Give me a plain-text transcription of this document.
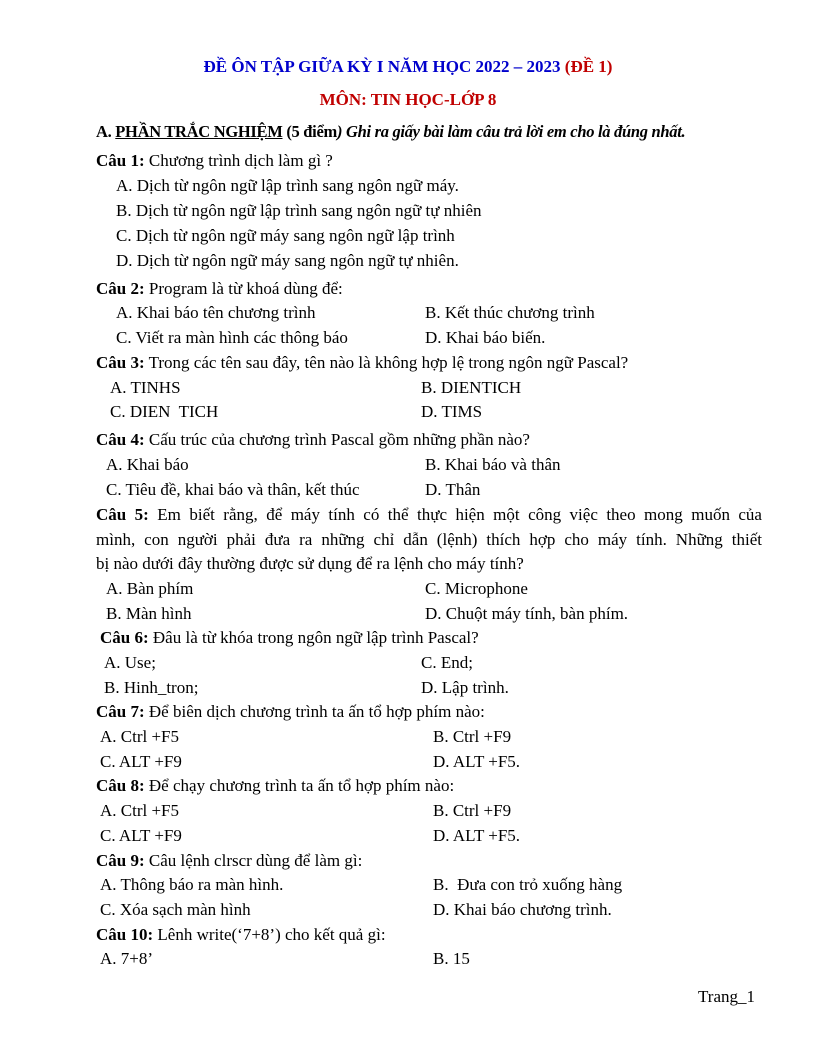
ĐỀ ÔN TẬP GIỮA KỲ I NĂM HỌC 2022 – 2023 (ĐỀ 1)
MÔN: TIN HỌC-LỚP 8
A. PHẦN TRẮC NGHIỆM (5 điểm) Ghi ra giấy bài làm câu trả lời em cho là đúng nhất.
Câu 1: Chương trình dịch làm gì ?
A. Dịch từ ngôn ngữ lập trình sang ngôn ngữ máy.
B. Dịch từ ngôn ngữ lập trình sang ngôn ngữ tự nhiên
C. Dịch từ ngôn ngữ máy sang ngôn ngữ lập trình
D. Dịch từ ngôn ngữ máy sang ngôn ngữ tự nhiên.
Câu 2: Program là từ khoá dùng để:
A. Khai báo tên chương trình	B. Kết thúc chương trình
C. Viết ra màn hình các thông báo	D. Khai báo biến.
Câu 3: Trong các tên sau đây, tên nào là không hợp lệ trong ngôn ngữ Pascal?
A. TINHS	B. DIENTICH
C. DIEN  TICH	D. TIMS
Câu 4: Cấu trúc của chương trình Pascal gồm những phần nào?
A. Khai báo	B. Khai báo và thân
C. Tiêu đề, khai báo và thân, kết thúc	D. Thân
Câu 5: Em biết rằng, để máy tính có thể thực hiện một công việc theo mong muốn của
mình, con người phải đưa ra những chỉ dẫn (lệnh) thích hợp cho máy tính. Những thiết
bị nào dưới đây thường được sử dụng để ra lệnh cho máy tính?
A. Bàn phím	C. Microphone
B. Màn hình	D. Chuột máy tính, bàn phím.
Câu 6: Đâu là từ khóa trong ngôn ngữ lập trình Pascal?
A. Use;	C. End;
B. Hinh_tron;	D. Lập trình.
Câu 7: Để biên dịch chương trình ta ấn tổ hợp phím nào:
A. Ctrl +F5	B. Ctrl +F9
C. ALT +F9	D. ALT +F5.
Câu 8: Để chạy chương trình ta ấn tổ hợp phím nào:
A. Ctrl +F5	B. Ctrl +F9
C. ALT +F9	D. ALT +F5.
Câu 9: Câu lệnh clrscr dùng để làm gì:
A. Thông báo ra màn hình.	B.  Đưa con trỏ xuống hàng
C. Xóa sạch màn hình	D. Khai báo chương trình.
Câu 10: Lênh write(‘7+8’) cho kết quả gì:
A. 7+8’	B. 15
Trang_1
